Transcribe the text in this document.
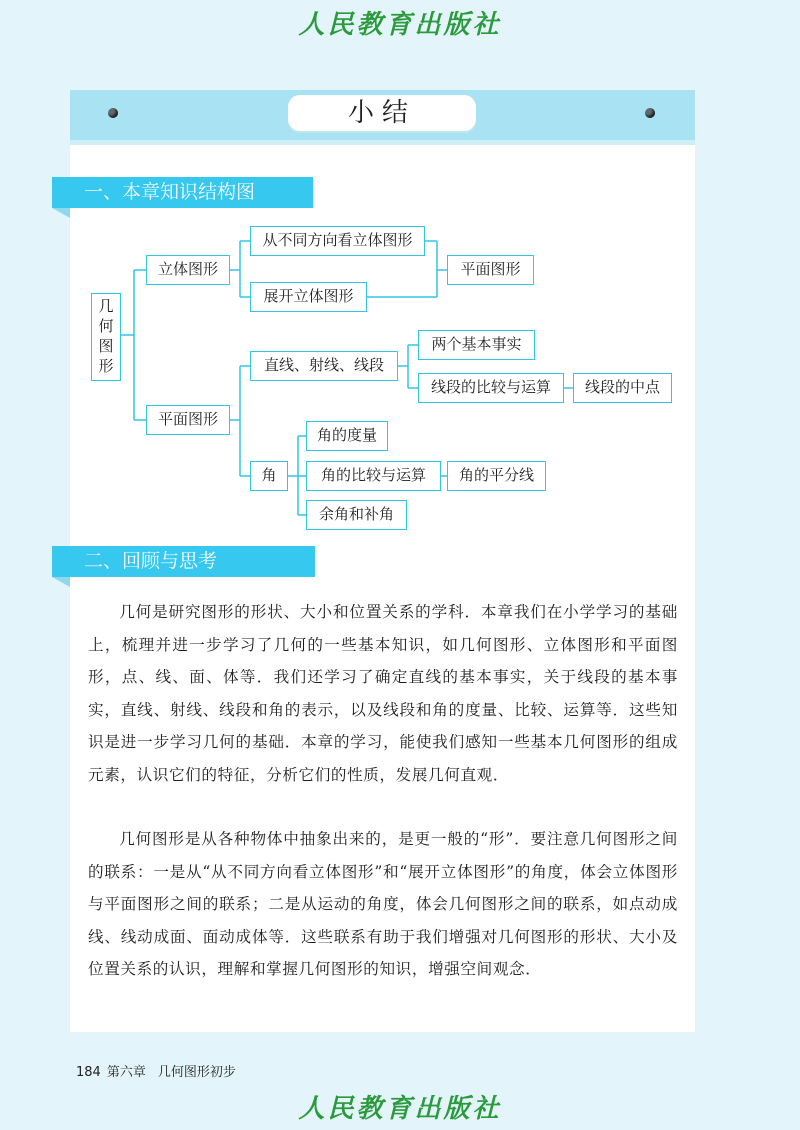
人民教育出版社
小结
一、本章知识结构图
几
何
图
形
立体图形
从不同方向看立体图形
展开立体图形
平面图形
平面图形
直线、射线、线段
两个基本事实
线段的比较与运算	线段的中点
角
角的度量
角的比较与运算	角的平分线
余角和补角
二、回顾与思考

几何是研究图形的形状、大小和位置关系的学科．本章我们在小学学习的基础上，梳理并进一步学习了几何的一些基本知识，如几何图形、立体图形和平面图形，点、线、面、体等．我们还学习了确定直线的基本事实，关于线段的基本事实，直线、射线、线段和角的表示，以及线段和角的度量、比较、运算等．这些知识是进一步学习几何的基础．本章的学习，能使我们感知一些基本几何图形的组成元素，认识它们的特征，分析它们的性质，发展几何直观．

几何图形是从各种物体中抽象出来的，是更一般的“形”．要注意几何图形之间的联系：一是从“从不同方向看立体图形”和“展开立体图形”的角度，体会立体图形与平面图形之间的联系；二是从运动的角度，体会几何图形之间的联系，如点动成线、线动成面、面动成体等．这些联系有助于我们增强对几何图形的形状、大小及位置关系的认识，理解和掌握几何图形的知识，增强空间观念．

184 第六章 几何图形初步
人民教育出版社
